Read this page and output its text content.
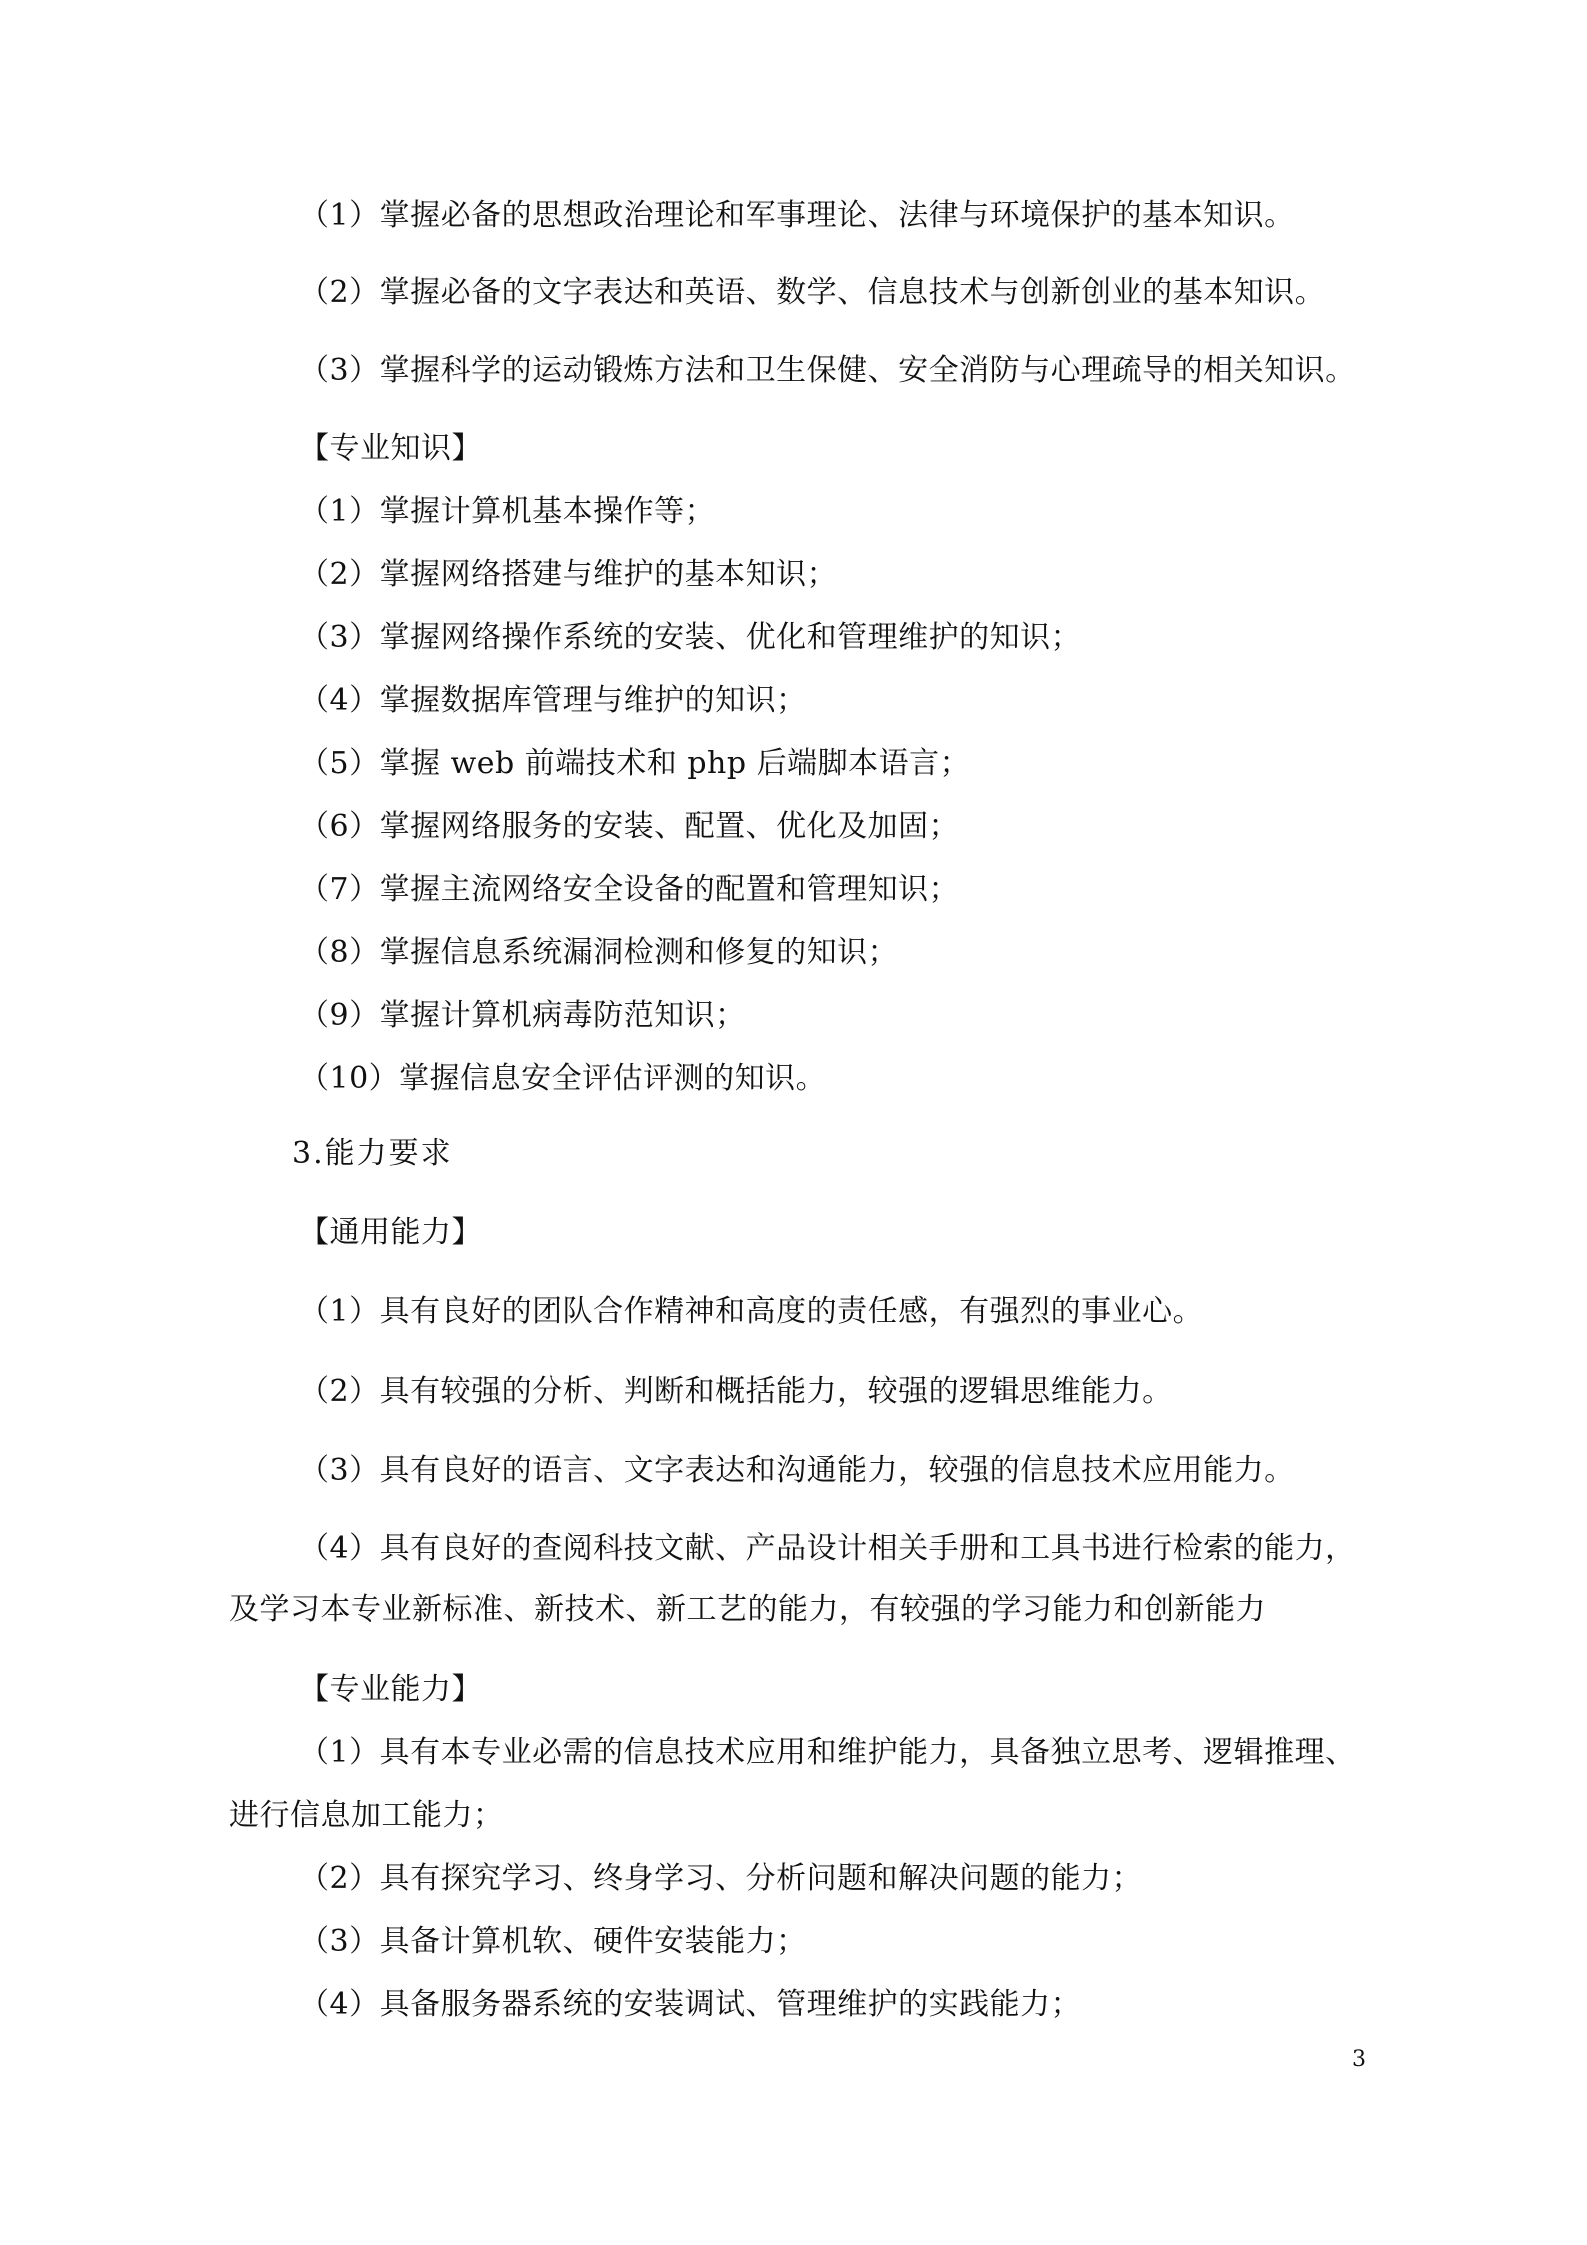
（1）掌握必备的思想政治理论和军事理论、法律与环境保护的基本知识。
（2）掌握必备的文字表达和英语、数学、信息技术与创新创业的基本知识。
（3）掌握科学的运动锻炼方法和卫生保健、安全消防与心理疏导的相关知识。
【专业知识】
（1）掌握计算机基本操作等；
（2）掌握网络搭建与维护的基本知识；
（3）掌握网络操作系统的安装、优化和管理维护的知识；
（4）掌握数据库管理与维护的知识；
（5）掌握 web 前端技术和 php 后端脚本语言；
（6）掌握网络服务的安装、配置、优化及加固；
（7）掌握主流网络安全设备的配置和管理知识；
（8）掌握信息系统漏洞检测和修复的知识；
（9）掌握计算机病毒防范知识；
（10）掌握信息安全评估评测的知识。
3.能力要求
【通用能力】
（1）具有良好的团队合作精神和高度的责任感，有强烈的事业心。
（2）具有较强的分析、判断和概括能力，较强的逻辑思维能力。
（3）具有良好的语言、文字表达和沟通能力，较强的信息技术应用能力。
（4）具有良好的查阅科技文献、产品设计相关手册和工具书进行检索的能力，
及学习本专业新标准、新技术、新工艺的能力，有较强的学习能力和创新能力
【专业能力】
（1）具有本专业必需的信息技术应用和维护能力，具备独立思考、逻辑推理、
进行信息加工能力；
（2）具有探究学习、终身学习、分析问题和解决问题的能力；
（3）具备计算机软、硬件安装能力；
（4）具备服务器系统的安装调试、管理维护的实践能力；
3
